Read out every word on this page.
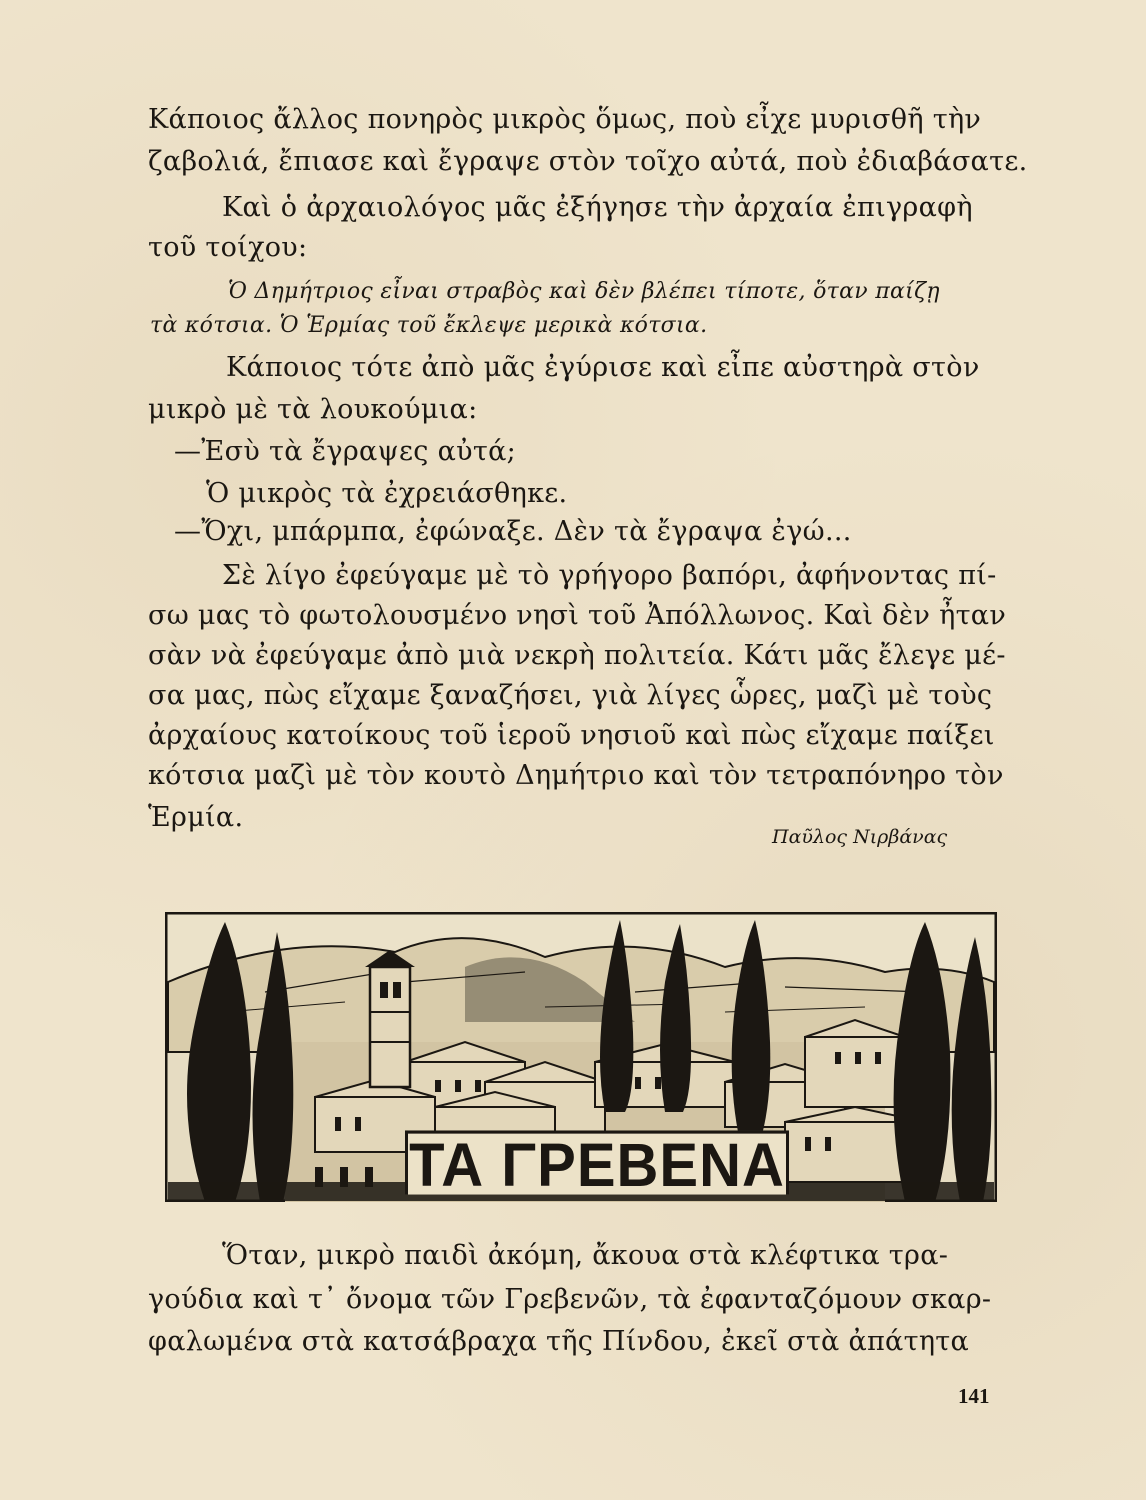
Κάποιος ἄλλος πονηρὸς μικρὸς ὅμως, ποὺ εἶχε μυρισθῆ τὴν
ζαβολιά, ἔπιασε καὶ ἔγραψε στὸν τοῖχο αὐτά, ποὺ ἐδιαβάσατε.
Καὶ ὁ ἀρχαιολόγος μᾶς ἐξήγησε τὴν ἀρχαία ἐπιγραφὴ
τοῦ τοίχου:
Ὁ Δημήτριος εἶναι στραβὸς καὶ δὲν βλέπει τίποτε, ὅταν παίζῃ
τὰ κότσια. Ὁ Ἑρμίας τοῦ ἔκλεψε μερικὰ κότσια.
Κάποιος τότε ἀπὸ μᾶς ἐγύρισε καὶ εἶπε αὐστηρὰ στὸν
μικρὸ μὲ τὰ λουκούμια:
—Ἐσὺ τὰ ἔγραψες αὐτά;
Ὁ μικρὸς τὰ ἐχρειάσθηκε.
—Ὄχι, μπάρμπα, ἐφώναξε. Δὲν τὰ ἔγραψα ἐγώ...
Σὲ λίγο ἐφεύγαμε μὲ τὸ γρήγορο βαπόρι, ἀφήνοντας πί-
σω μας τὸ φωτολουσμένο νησὶ τοῦ Ἀπόλλωνος. Καὶ δὲν ἦταν
σὰν νὰ ἐφεύγαμε ἀπὸ μιὰ νεκρὴ πολιτεία. Κάτι μᾶς ἔλεγε μέ-
σα μας, πὼς εἴχαμε ξαναζήσει, γιὰ λίγες ὧρες, μαζὶ μὲ τοὺς
ἀρχαίους κατοίκους τοῦ ἱεροῦ νησιοῦ καὶ πὼς εἴχαμε παίξει
κότσια μαζὶ μὲ τὸν κουτὸ Δημήτριο καὶ τὸν τετραπόνηρο τὸν
Ἑρμία.
Παῦλος Νιρβάνας
ΤΑ ΓΡΕΒΕΝΑ
Ὅταν, μικρὸ παιδὶ ἀκόμη, ἄκουα στὰ κλέφτικα τρα-
γούδια καὶ τ᾽ ὄνομα τῶν Γρεβενῶν, τὰ ἐφανταζόμουν σκαρ-
φαλωμένα στὰ κατσάβραχα τῆς Πίνδου, ἐκεῖ στὰ ἀπάτητα
141
